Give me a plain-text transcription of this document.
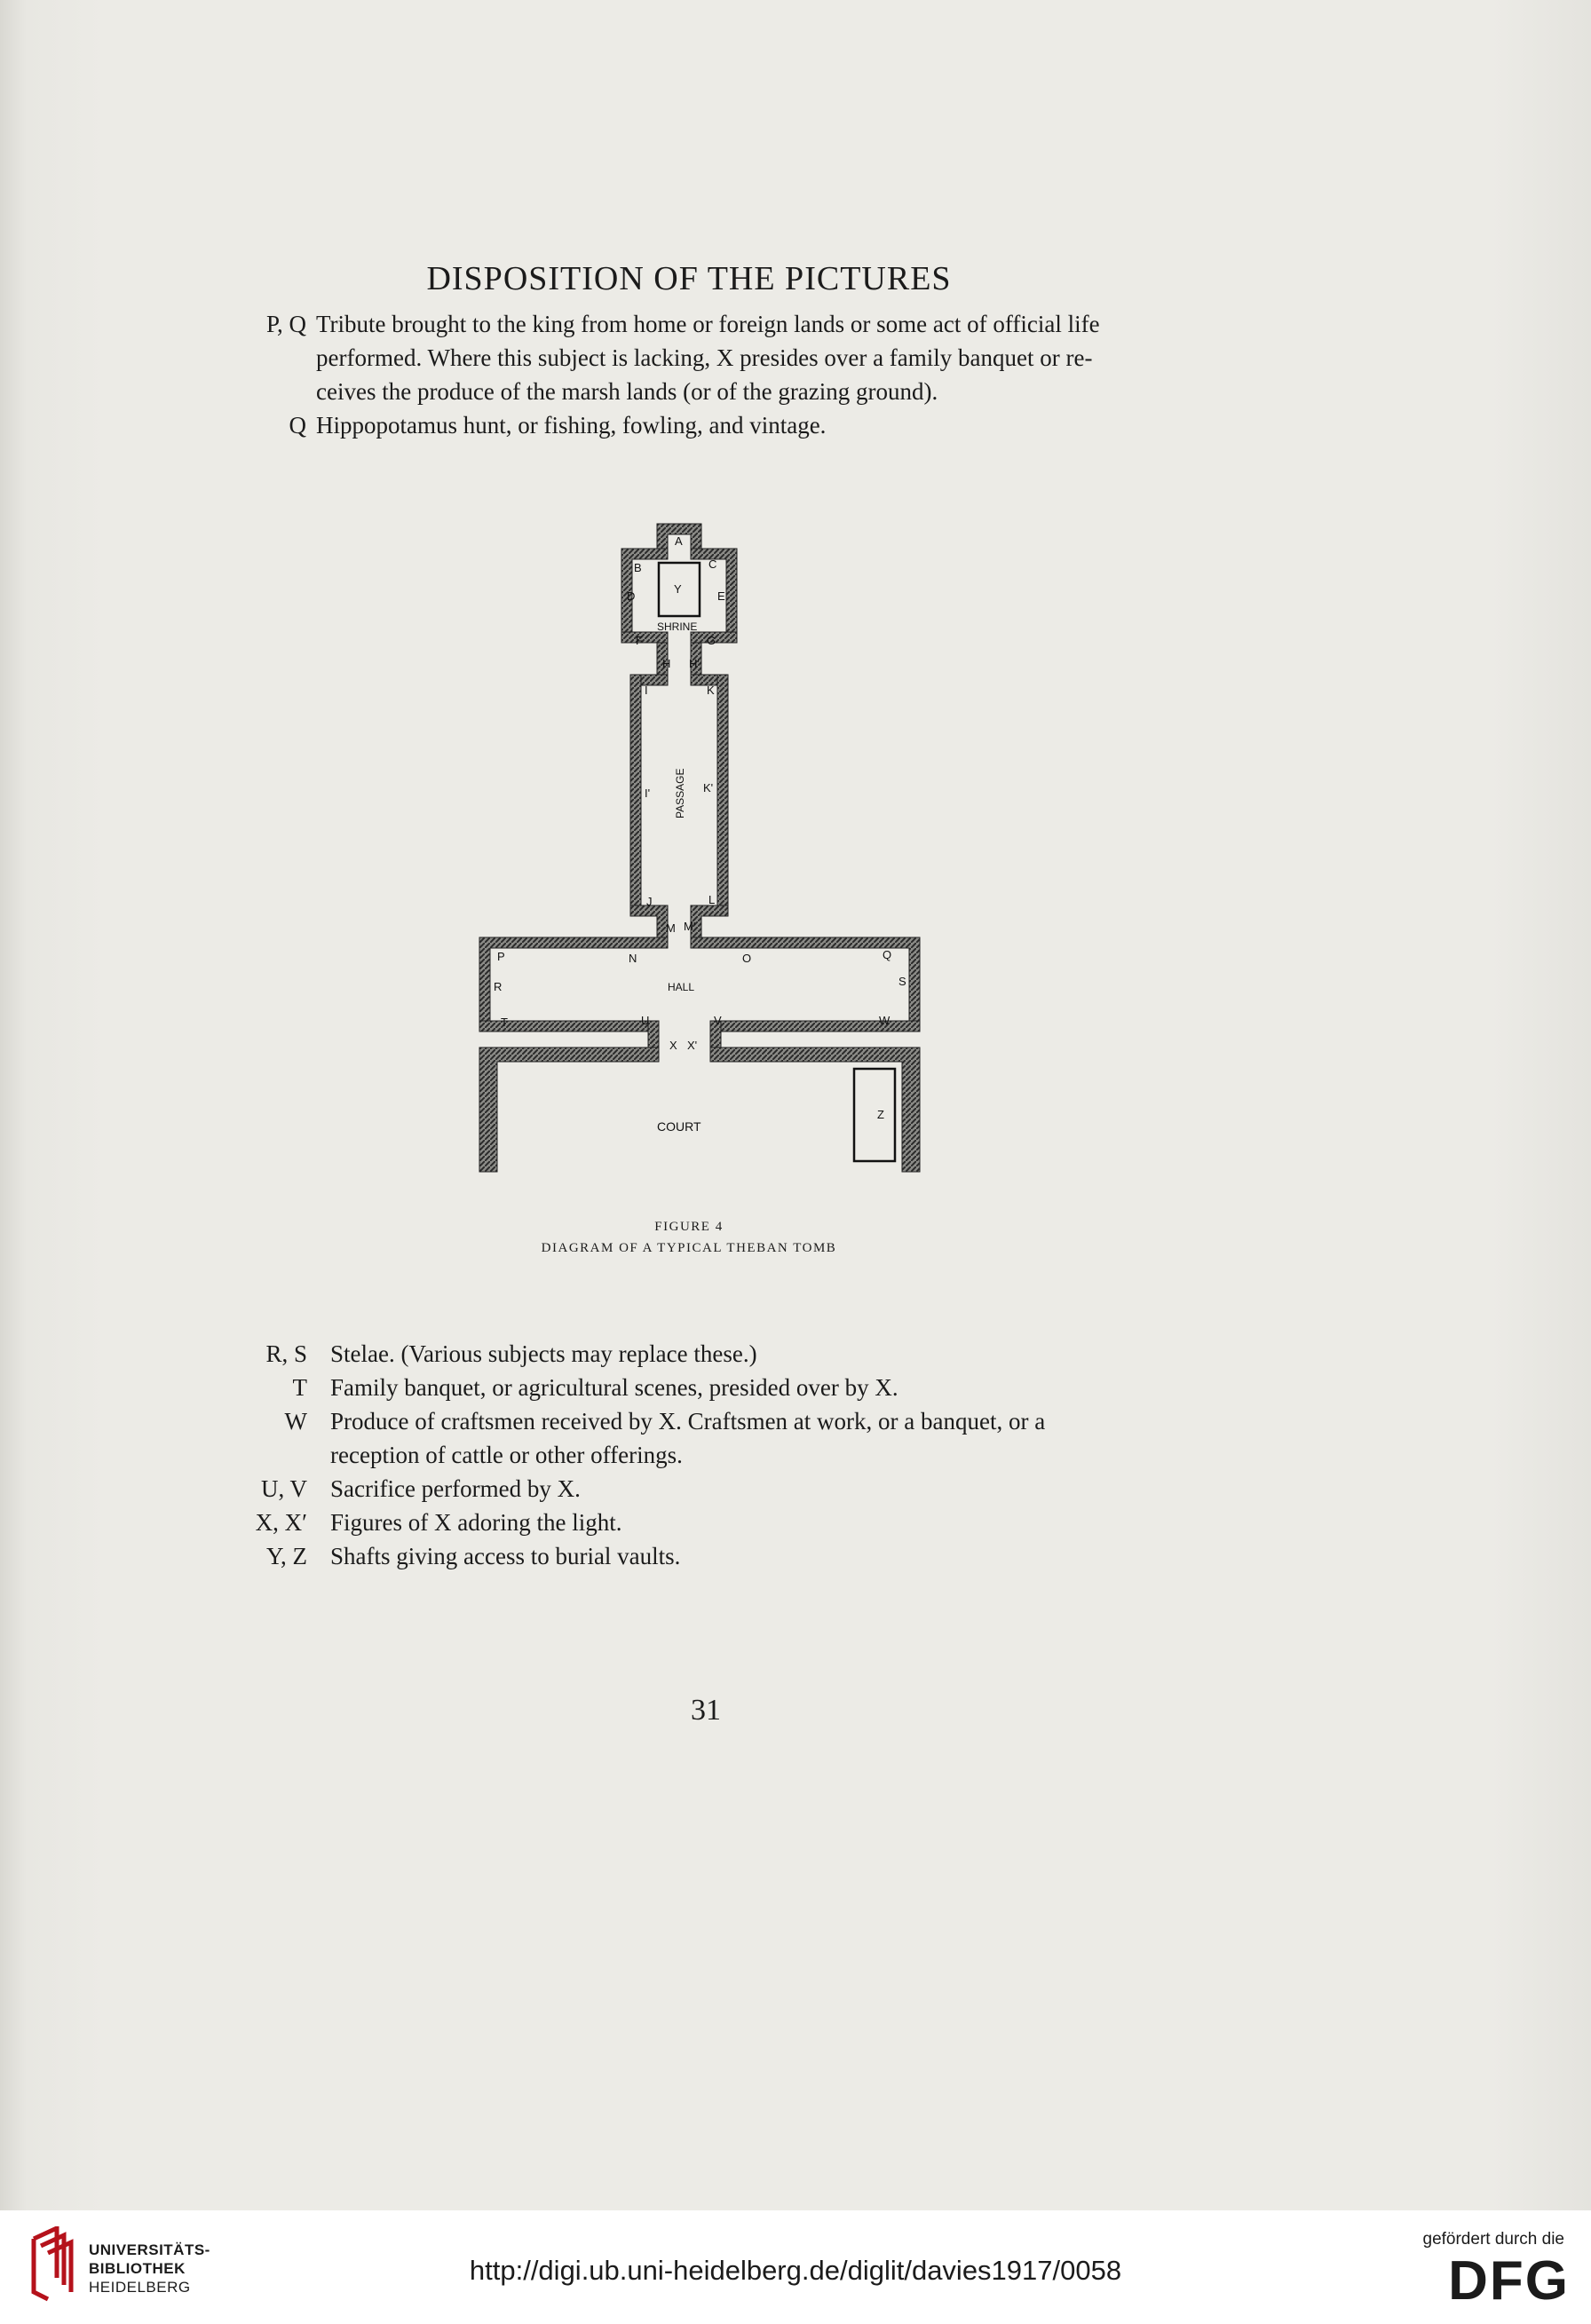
DISPOSITION OF THE PICTURES
P, Q Tribute brought to the king from home or foreign lands or some act of official life
performed. Where this subject is lacking, X presides over a family banquet or re-
ceives the produce of the marsh lands (or of the grazing ground).
Q Hippopotamus hunt, or fishing, fowling, and vintage.
A
B	C
D	E
Y
F
SHRINE
G
H H'
I	K
I'	K'
PASSAGE
J	L
M M'
P	N	O	Q
R	HALL	S
T	U	V	W
X X'
COURT
Z
FIGURE 4
DIAGRAM OF A TYPICAL THEBAN TOMB
R, S Stelae. (Various subjects may replace these.)
T Family banquet, or agricultural scenes, presided over by X.
W Produce of craftsmen received by X. Craftsmen at work, or a banquet, or a
reception of cattle or other offerings.
U, V Sacrifice performed by X.
X, X′ Figures of X adoring the light.
Y, Z Shafts giving access to burial vaults.
31
UNIVERSITÄTS-
BIBLIOTHEK
HEIDELBERG
http://digi.ub.uni-heidelberg.de/diglit/davies1917/0058
gefördert durch die
DFG
